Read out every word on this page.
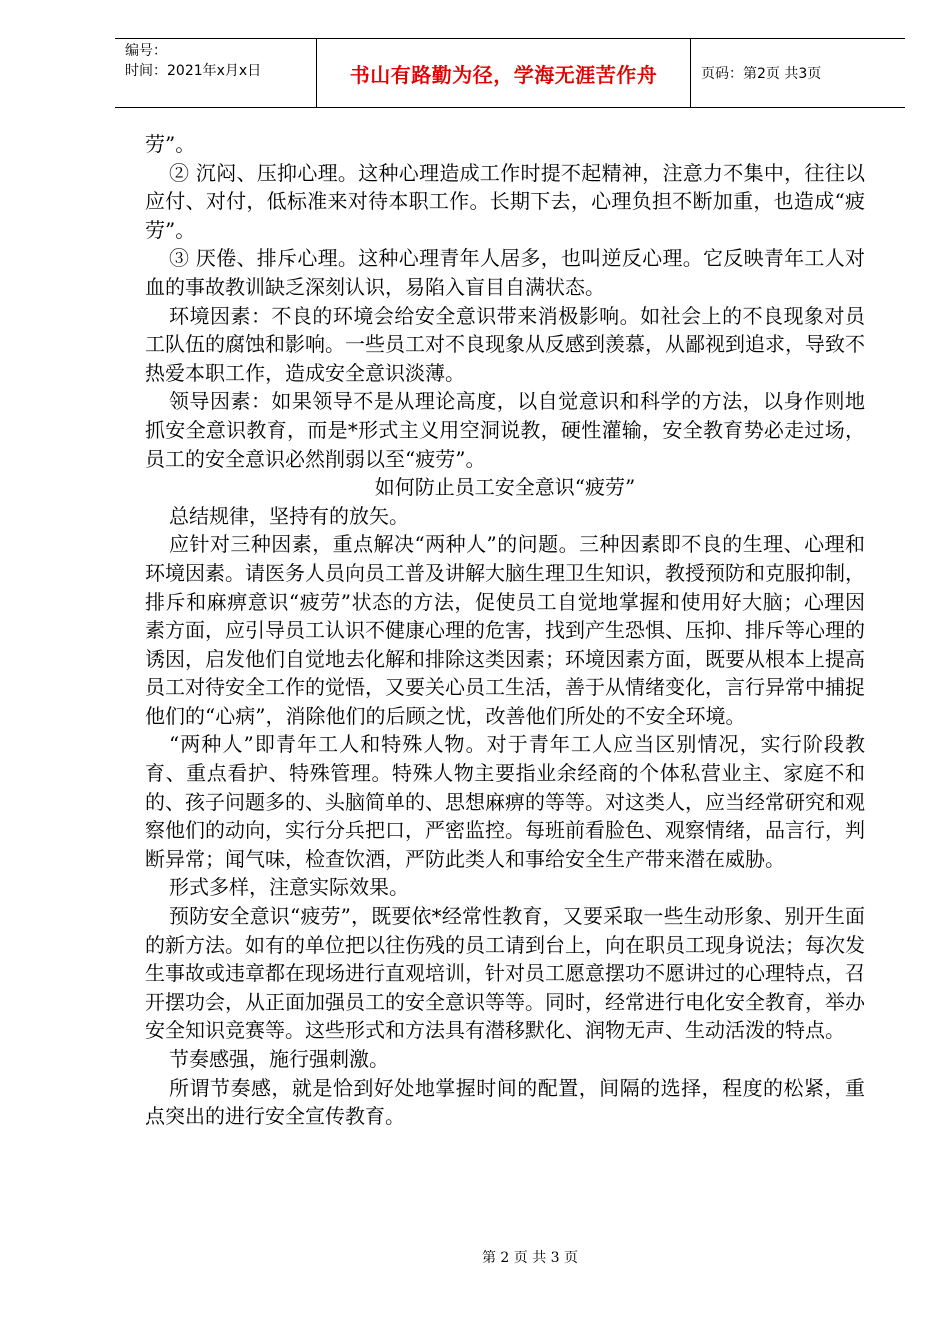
编号：
时间：2021年x月x日	书山有路勤为径，学海无涯苦作舟	页码：第2页 共3页

劳”。

② 沉闷、压抑心理。这种心理造成工作时提不起精神，注意力不集中，往往以应付、对付，低标准来对待本职工作。长期下去，心理负担不断加重，也造成“疲劳”。

③ 厌倦、排斥心理。这种心理青年人居多，也叫逆反心理。它反映青年工人对血的事故教训缺乏深刻认识，易陷入盲目自满状态。

环境因素：不良的环境会给安全意识带来消极影响。如社会上的不良现象对员工队伍的腐蚀和影响。一些员工对不良现象从反感到羡慕，从鄙视到追求，导致不热爱本职工作，造成安全意识淡薄。

领导因素：如果领导不是从理论高度，以自觉意识和科学的方法，以身作则地抓安全意识教育，而是*形式主义用空洞说教，硬性灌输，安全教育势必走过场，员工的安全意识必然削弱以至“疲劳”。

如何防止员工安全意识“疲劳”

总结规律，坚持有的放矢。

应针对三种因素，重点解决“两种人”的问题。三种因素即不良的生理、心理和环境因素。请医务人员向员工普及讲解大脑生理卫生知识，教授预防和克服抑制，排斥和麻痹意识“疲劳”状态的方法，促使员工自觉地掌握和使用好大脑；心理因素方面，应引导员工认识不健康心理的危害，找到产生恐惧、压抑、排斥等心理的诱因，启发他们自觉地去化解和排除这类因素；环境因素方面，既要从根本上提高员工对待安全工作的觉悟，又要关心员工生活，善于从情绪变化，言行异常中捕捉他们的“心病”，消除他们的后顾之忧，改善他们所处的不安全环境。

“两种人”即青年工人和特殊人物。对于青年工人应当区别情况，实行阶段教育、重点看护、特殊管理。特殊人物主要指业余经商的个体私营业主、家庭不和的、孩子问题多的、头脑简单的、思想麻痹的等等。对这类人，应当经常研究和观察他们的动向，实行分兵把口，严密监控。每班前看脸色、观察情绪，品言行，判断异常；闻气味，检查饮酒，严防此类人和事给安全生产带来潜在威胁。

形式多样，注意实际效果。

预防安全意识“疲劳”，既要依*经常性教育，又要采取一些生动形象、别开生面的新方法。如有的单位把以往伤残的员工请到台上，向在职员工现身说法；每次发生事故或违章都在现场进行直观培训，针对员工愿意摆功不愿讲过的心理特点，召开摆功会，从正面加强员工的安全意识等等。同时，经常进行电化安全教育，举办安全知识竞赛等。这些形式和方法具有潜移默化、润物无声、生动活泼的特点。

节奏感强，施行强刺激。

所谓节奏感，就是恰到好处地掌握时间的配置，间隔的选择，程度的松紧，重点突出的进行安全宣传教育。

第 2 页 共 3 页
